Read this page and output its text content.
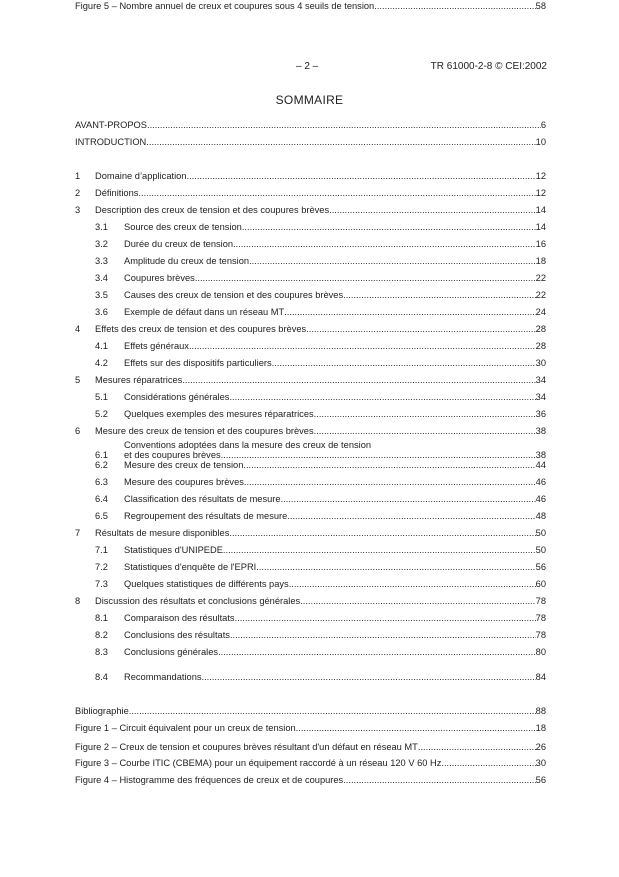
– 2 –	TR 61000-2-8 © CEI:2002
SOMMAIRE
AVANT-PROPOS .....	6
INTRODUCTION .....	10
1 Domaine d’application .....	12
2 Définitions .....	12
3 Description des creux de tension et des coupures brèves .....	14
3.1 Source des creux de tension .....	14
3.2 Durée du creux de tension .....	16
3.3 Amplitude du creux de tension .....	18
3.4 Coupures brèves .....	22
3.5 Causes des creux de tension et des coupures brèves .....	22
3.6 Exemple de défaut dans un réseau MT .....	24
4 Effets des creux de tension et des coupures brèves .....	28
4.1 Effets généraux .....	28
4.2 Effets sur des dispositifs particuliers .....	30
5 Mesures réparatrices .....	34
5.1 Considérations générales .....	34
5.2 Quelques exemples des mesures réparatrices .....	36
6 Mesure des creux de tension et des coupures brèves .....	38
6.1
Conventions adoptées dans la mesure des creux de tension
et des coupures brèves .....	38
6.2 Mesure des creux de tension .....	44
6.3 Mesure des coupures brèves .....	46
6.4 Classification des résultats de mesure .....	46
6.5 Regroupement des résultats de mesure .....	48
7 Résultats de mesure disponibles .....	50
7.1 Statistiques d'UNIPEDE .....	50
7.2 Statistiques d'enquête de l'EPRI .....	56
7.3 Quelques statistiques de différents pays .....	60
8 Discussion des résultats et conclusions générales .....	78
8.1 Comparaison des résultats .....	78
8.2 Conclusions des résultats .....	78
8.3 Conclusions générales .....	80
8.4 Recommandations .....	84
Bibliographie .....	88
Figure 1 – Circuit équivalent pour un creux de tension .....	18
Figure 2 – Creux de tension et coupures brèves résultant d'un défaut en réseau MT .....	26
Figure 3 – Courbe ITIC (CBEMA) pour un équipement raccordé à un réseau 120 V 60 Hz .....	30
Figure 4 – Histogramme des fréquences de creux et de coupures .....	56
Figure 5 – Nombre annuel de creux et coupures sous 4 seuils de tension .....	58
